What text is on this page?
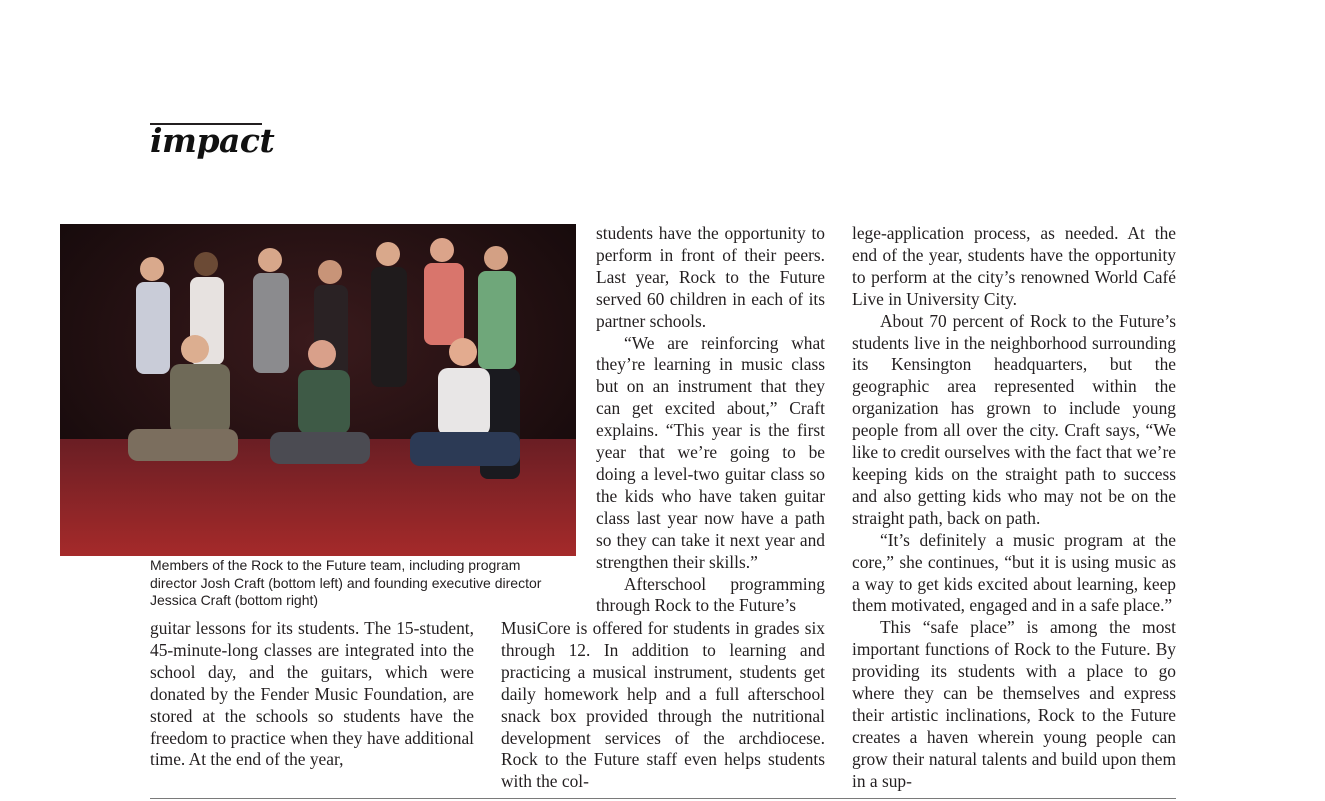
impact
Members of the Rock to the Future team, including program director Josh Craft (bottom left) and founding executive director Jessica Craft (bottom right)

guitar lessons for its students. The 15-student, 45-minute-long classes are integrated into the school day, and the guitars, which were donated by the Fender Music Foundation, are stored at the schools so students have the freedom to practice when they have additional time. At the end of the year,

students have the opportunity to perform in front of their peers. Last year, Rock to the Future served 60 children in each of its partner schools.

“We are reinforcing what they’re learning in music class but on an instrument that they can get excited about,” Craft explains. “This year is the first year that we’re going to be doing a level-two guitar class so the kids who have taken guitar class last year now have a path so they can take it next year and strengthen their skills.”

Afterschool programming through Rock to the Future’s

MusiCore is offered for students in grades six through 12. In addition to learning and practicing a musical instrument, students get daily homework help and a full afterschool snack box provided through the nutritional development services of the archdiocese. Rock to the Future staff even helps students with the col-

lege-application process, as needed. At the end of the year, students have the opportunity to perform at the city’s renowned World Café Live in University City.

About 70 percent of Rock to the Future’s students live in the neighborhood surrounding its Kensington headquarters, but the geographic area represented within the organization has grown to include young people from all over the city. Craft says, “We like to credit ourselves with the fact that we’re keeping kids on the straight path to success and also getting kids who may not be on the straight path, back on path.

“It’s definitely a music program at the core,” she continues, “but it is using music as a way to get kids excited about learning, keep them motivated, engaged and in a safe place.”

This “safe place” is among the most important functions of Rock to the Future. By providing its students with a place to go where they can be themselves and express their artistic inclinations, Rock to the Future creates a haven wherein young people can grow their natural talents and build upon them in a sup-
